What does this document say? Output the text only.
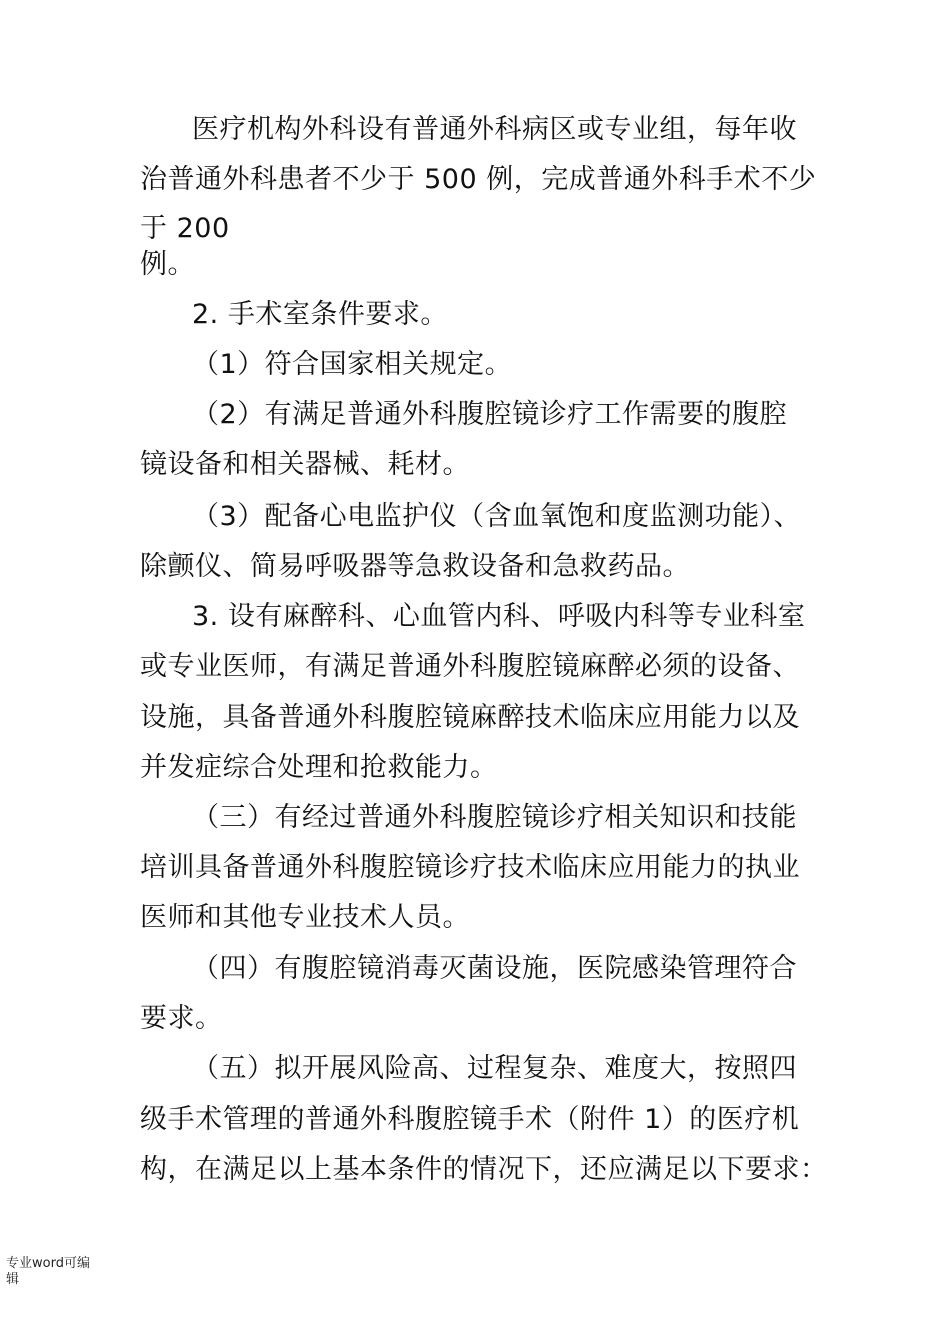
医疗机构外科设有普通外科病区或专业组，每年收
治普通外科患者不少于 500 例，完成普通外科手术不少
于 200
例。
2. 手术室条件要求。
（1）符合国家相关规定。
（2）有满足普通外科腹腔镜诊疗工作需要的腹腔
镜设备和相关器械、耗材。
（3）配备心电监护仪（含血氧饱和度监测功能）、
除颤仪、简易呼吸器等急救设备和急救药品。
3. 设有麻醉科、心血管内科、呼吸内科等专业科室
或专业医师，有满足普通外科腹腔镜麻醉必须的设备、
设施，具备普通外科腹腔镜麻醉技术临床应用能力以及
并发症综合处理和抢救能力。
（三）有经过普通外科腹腔镜诊疗相关知识和技能
培训具备普通外科腹腔镜诊疗技术临床应用能力的执业
医师和其他专业技术人员。
（四）有腹腔镜消毒灭菌设施，医院感染管理符合
要求。
（五）拟开展风险高、过程复杂、难度大，按照四
级手术管理的普通外科腹腔镜手术（附件 1）的医疗机
构，在满足以上基本条件的情况下，还应满足以下要求：
专业word可编
辑
